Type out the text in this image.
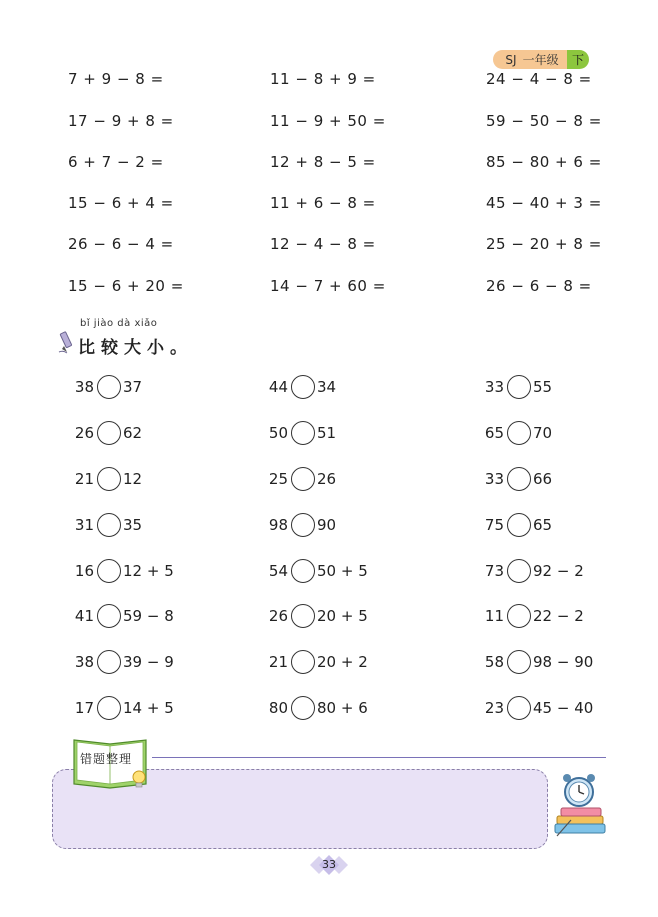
SJ 一年级	下
7 + 9 − 8 =	11 − 8 + 9 =	24 − 4 − 8 =
17 − 9 + 8 =	11 − 9 + 50 =	59 − 50 − 8 =
6 + 7 − 2 =	12 + 8 − 5 =	85 − 80 + 6 =
15 − 6 + 4 =	11 + 6 − 8 =	45 − 40 + 3 =
26 − 6 − 4 =	12 − 4 − 8 =	25 − 20 + 8 =
15 − 6 + 20 =	14 − 7 + 60 =	26 − 6 − 8 =
bǐ jiào dà xiǎo
比较大小。
38 37	44 34	33 55
26 62	50 51	65 70
21 12	25 26	33 66
31 35	98 90	75 65
16 12 + 5	54 50 + 5	73 92 − 2
41 59 − 8	26 20 + 5	11 22 − 2
38 39 − 9	21 20 + 2	58 98 − 90
17 14 + 5	80 80 + 6	23 45 − 40
错题整理
33
